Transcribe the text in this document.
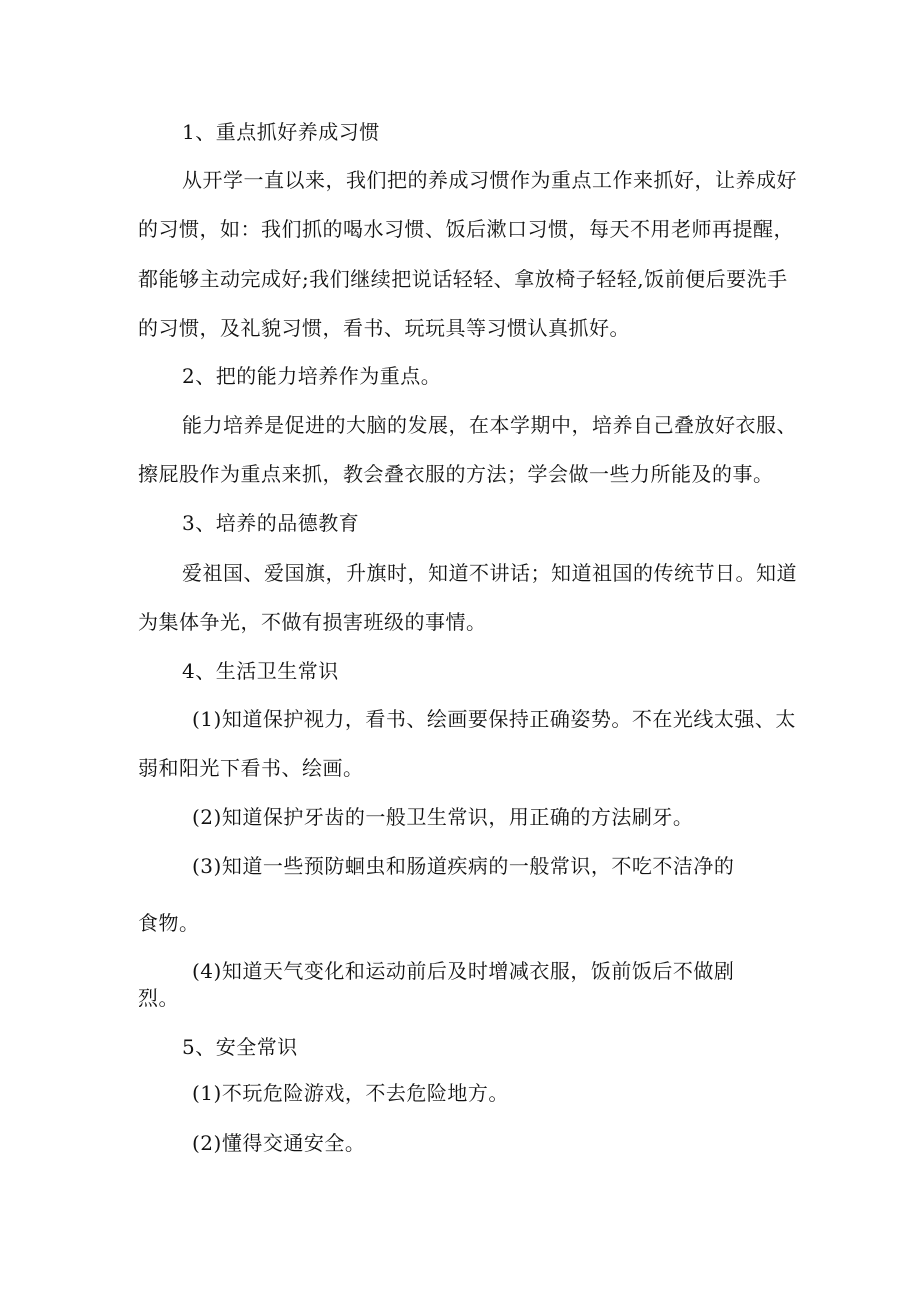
1、重点抓好养成习惯
从开学一直以来，我们把的养成习惯作为重点工作来抓好，让养成好
的习惯，如：我们抓的喝水习惯、饭后漱口习惯，每天不用老师再提醒，
都能够主动完成好;我们继续把说话轻轻、拿放椅子轻轻,饭前便后要洗手
的习惯，及礼貌习惯，看书、玩玩具等习惯认真抓好。
2、把的能力培养作为重点。
能力培养是促进的大脑的发展，在本学期中，培养自己叠放好衣服、
擦屁股作为重点来抓，教会叠衣服的方法；学会做一些力所能及的事。
3、培养的品德教育
爱祖国、爱国旗，升旗时，知道不讲话；知道祖国的传统节日。知道
为集体争光，不做有损害班级的事情。
4、生活卫生常识
(1)知道保护视力，看书、绘画要保持正确姿势。不在光线太强、太
弱和阳光下看书、绘画。
(2)知道保护牙齿的一般卫生常识，用正确的方法刷牙。
(3)知道一些预防蛔虫和肠道疾病的一般常识，不吃不洁净的
食物。
(4)知道天气变化和运动前后及时增减衣服，饭前饭后不做剧
烈。
5、安全常识
(1)不玩危险游戏，不去危险地方。
(2)懂得交通安全。
